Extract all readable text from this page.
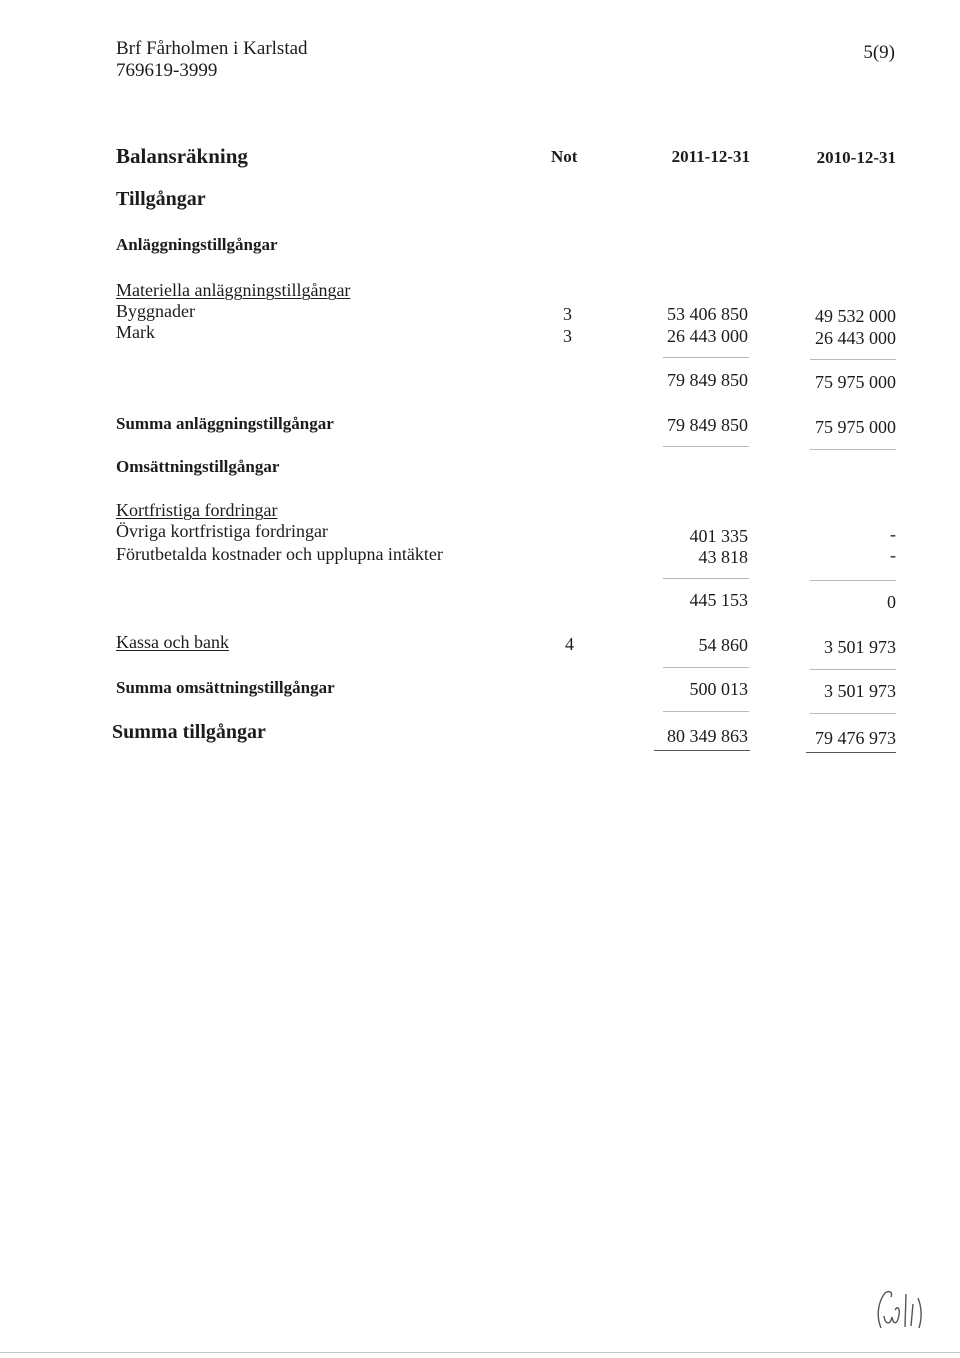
Brf Fårholmen i Karlstad
769619-3999
5(9)
Balansräkning	Not	2011-12-31	2010-12-31
Tillgångar
Anläggningstillgångar
Materiella anläggningstillgångar
Byggnader	3	53 406 850	49 532 000
Mark	3	26 443 000	26 443 000
79 849 850	75 975 000
Summa anläggningstillgångar	79 849 850	75 975 000
Omsättningstillgångar
Kortfristiga fordringar
Övriga kortfristiga fordringar	401 335	-
Förutbetalda kostnader och upplupna intäkter	43 818	-
445 153	0
Kassa och bank	4	54 860	3 501 973
Summa omsättningstillgångar	500 013	3 501 973
Summa tillgångar	80 349 863	79 476 973
